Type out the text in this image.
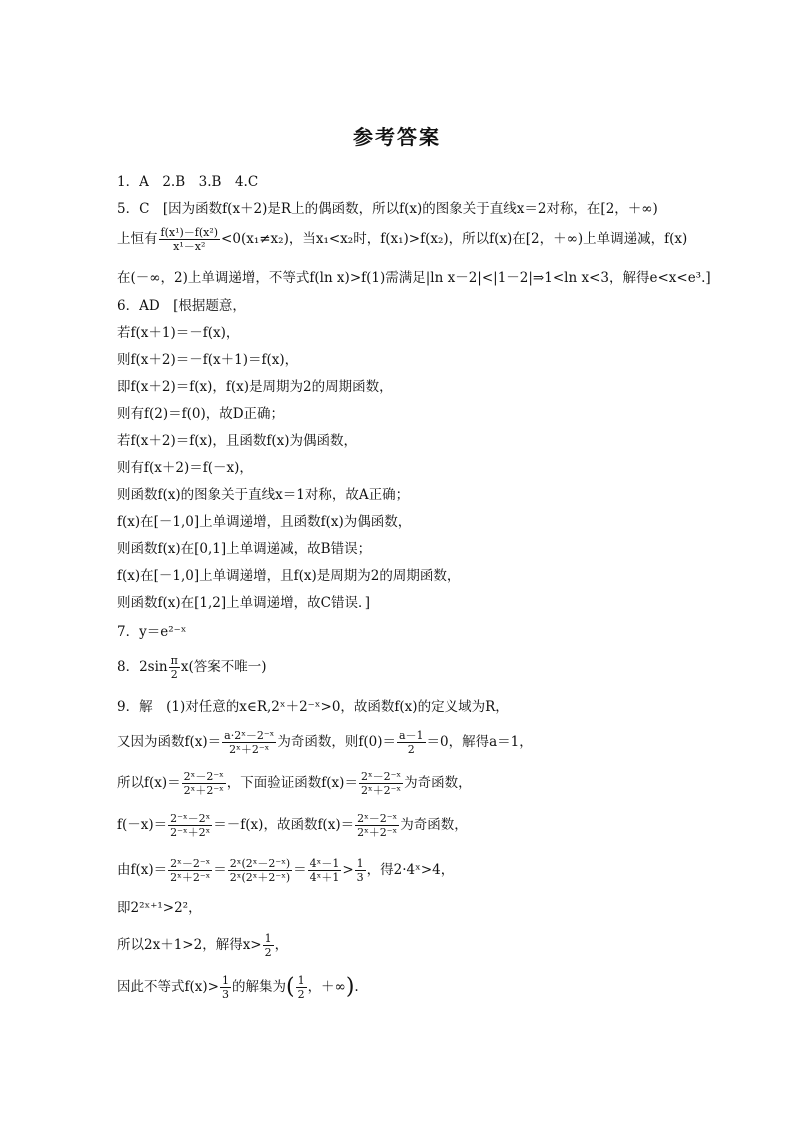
参考答案
1．A　2.B　3.B　4.C
5．C　[因为函数f(x＋2)是R上的偶函数，所以f(x)的图象关于直线x＝2对称，在[2，＋∞)
上恒有 $\frac{\text{f(x¹)－f(x²)}}{\text{x¹－x²}} <0(x_1\ne x_2)$，当x₁<x₂时，f(x₁)>f(x₂)，所以f(x)在[2，＋∞)上单调递减，f(x)
在(－∞，2)上单调递增，不等式f(ln x)>f(1)需满足|ln x－2|<|1－2|⇒1<ln x<3，解得e<x<e³.]
6．AD　[根据题意，
若f(x＋1)＝－f(x)，
则f(x＋2)＝－f(x＋1)＝f(x)，
即f(x＋2)＝f(x)，f(x)是周期为2的周期函数，
则有f(2)＝f(0)，故D正确；
若f(x＋2)＝f(x)，且函数f(x)为偶函数，
则有f(x＋2)＝f(－x)，
则函数f(x)的图象关于直线x＝1对称，故A正确；
f(x)在[－1,0]上单调递增，且函数f(x)为偶函数，
则函数f(x)在[0,1]上单调递减，故B错误；
f(x)在[－1,0]上单调递增，且f(x)是周期为2的周期函数，
则函数f(x)在[1,2]上单调递增，故C错误．]
7．y＝e²⁻ˣ
8．$2\sin \frac{\pi}{2} x$(答案不唯一)
9．解　(1)对任意的x∈R,2ˣ＋2⁻ˣ>0，故函数f(x)的定义域为R，
又因为函数$f(x)= \frac{\text{a·2ˣ－2⁻ˣ}}{\text{2ˣ＋2⁻ˣ}}$ 为奇函数，则$f(0)= \frac{a-1}{2} =0$，解得a＝1，
所以$f(x)= \frac{\text{2ˣ－2⁻ˣ}}{\text{2ˣ＋2⁻ˣ}}$ ，下面验证函数$f(x)= \frac{\text{2ˣ－2⁻ˣ}}{\text{2ˣ＋2⁻ˣ}}$ 为奇函数，
$f(-x)= \frac{\text{2⁻ˣ－2ˣ}}{\text{2⁻ˣ＋2ˣ}} =-f(x)$，故函数$f(x)= \frac{\text{2ˣ－2⁻ˣ}}{\text{2ˣ＋2⁻ˣ}}$ 为奇函数，
由$f(x)= \frac{\text{2ˣ－2⁻ˣ}}{\text{2ˣ＋2⁻ˣ}} = \frac{\text{2ˣ(2ˣ－2⁻ˣ)}}{\text{2ˣ(2ˣ＋2⁻ˣ)}} = \frac{\text{4ˣ－1}}{\text{4ˣ＋1}} > \frac{1}{3}$ ，得2·4ˣ>4，
即2²ˣ⁺¹>2²，
所以2x＋1>2，解得$x> \frac{1}{2}$ ，
因此不等式$f(x)> \frac{1}{3}$ 的解集为( $\frac{1}{2}$ ，＋∞).
